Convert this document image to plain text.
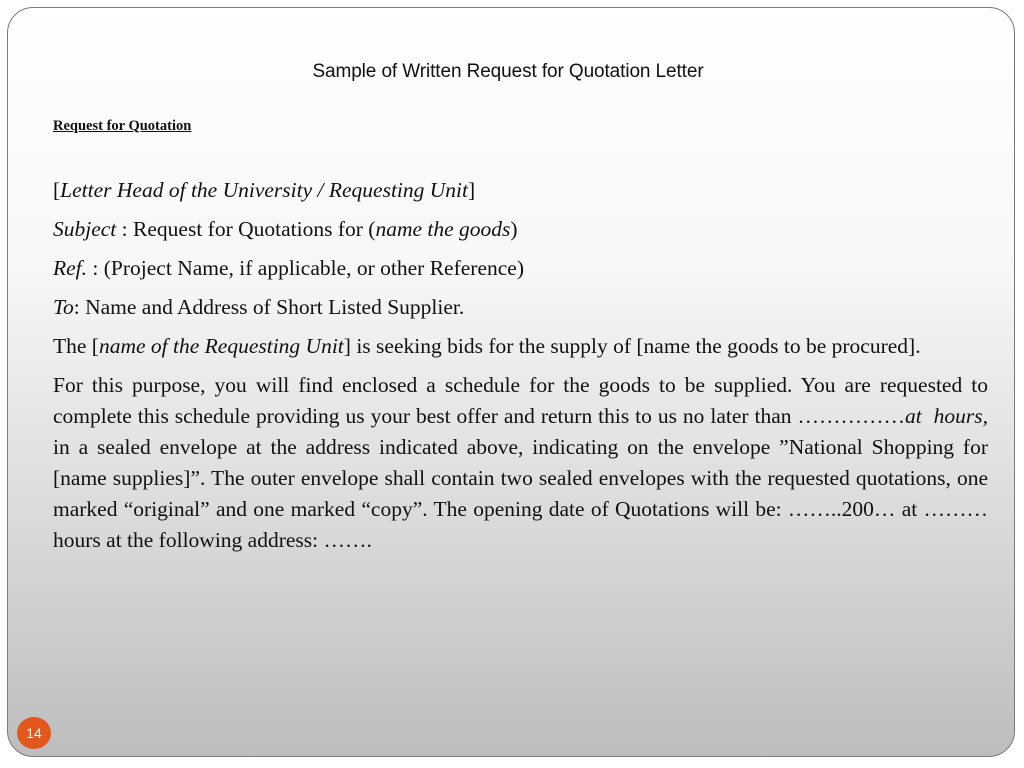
Sample of Written Request for Quotation Letter
Request for Quotation

[Letter Head of the University / Requesting Unit]

Subject : Request for Quotations for (name the goods)

Ref. : (Project Name, if applicable, or other Reference)

To: Name and Address of Short Listed Supplier.

The [name of the Requesting Unit] is seeking bids for the supply of [name the goods to be procured].

For this purpose, you will find enclosed a schedule for the goods to be supplied. You are requested to complete this schedule providing us your best offer and return this to us no later than ……………at hours, in a sealed envelope at the address indicated above, indicating on the envelope ”National Shopping for [name supplies]”. The outer envelope shall contain two sealed envelopes with the requested quotations, one marked “original” and one marked “copy”. The opening date of Quotations will be: ……..200… at ………hours at the following address: …….

14
